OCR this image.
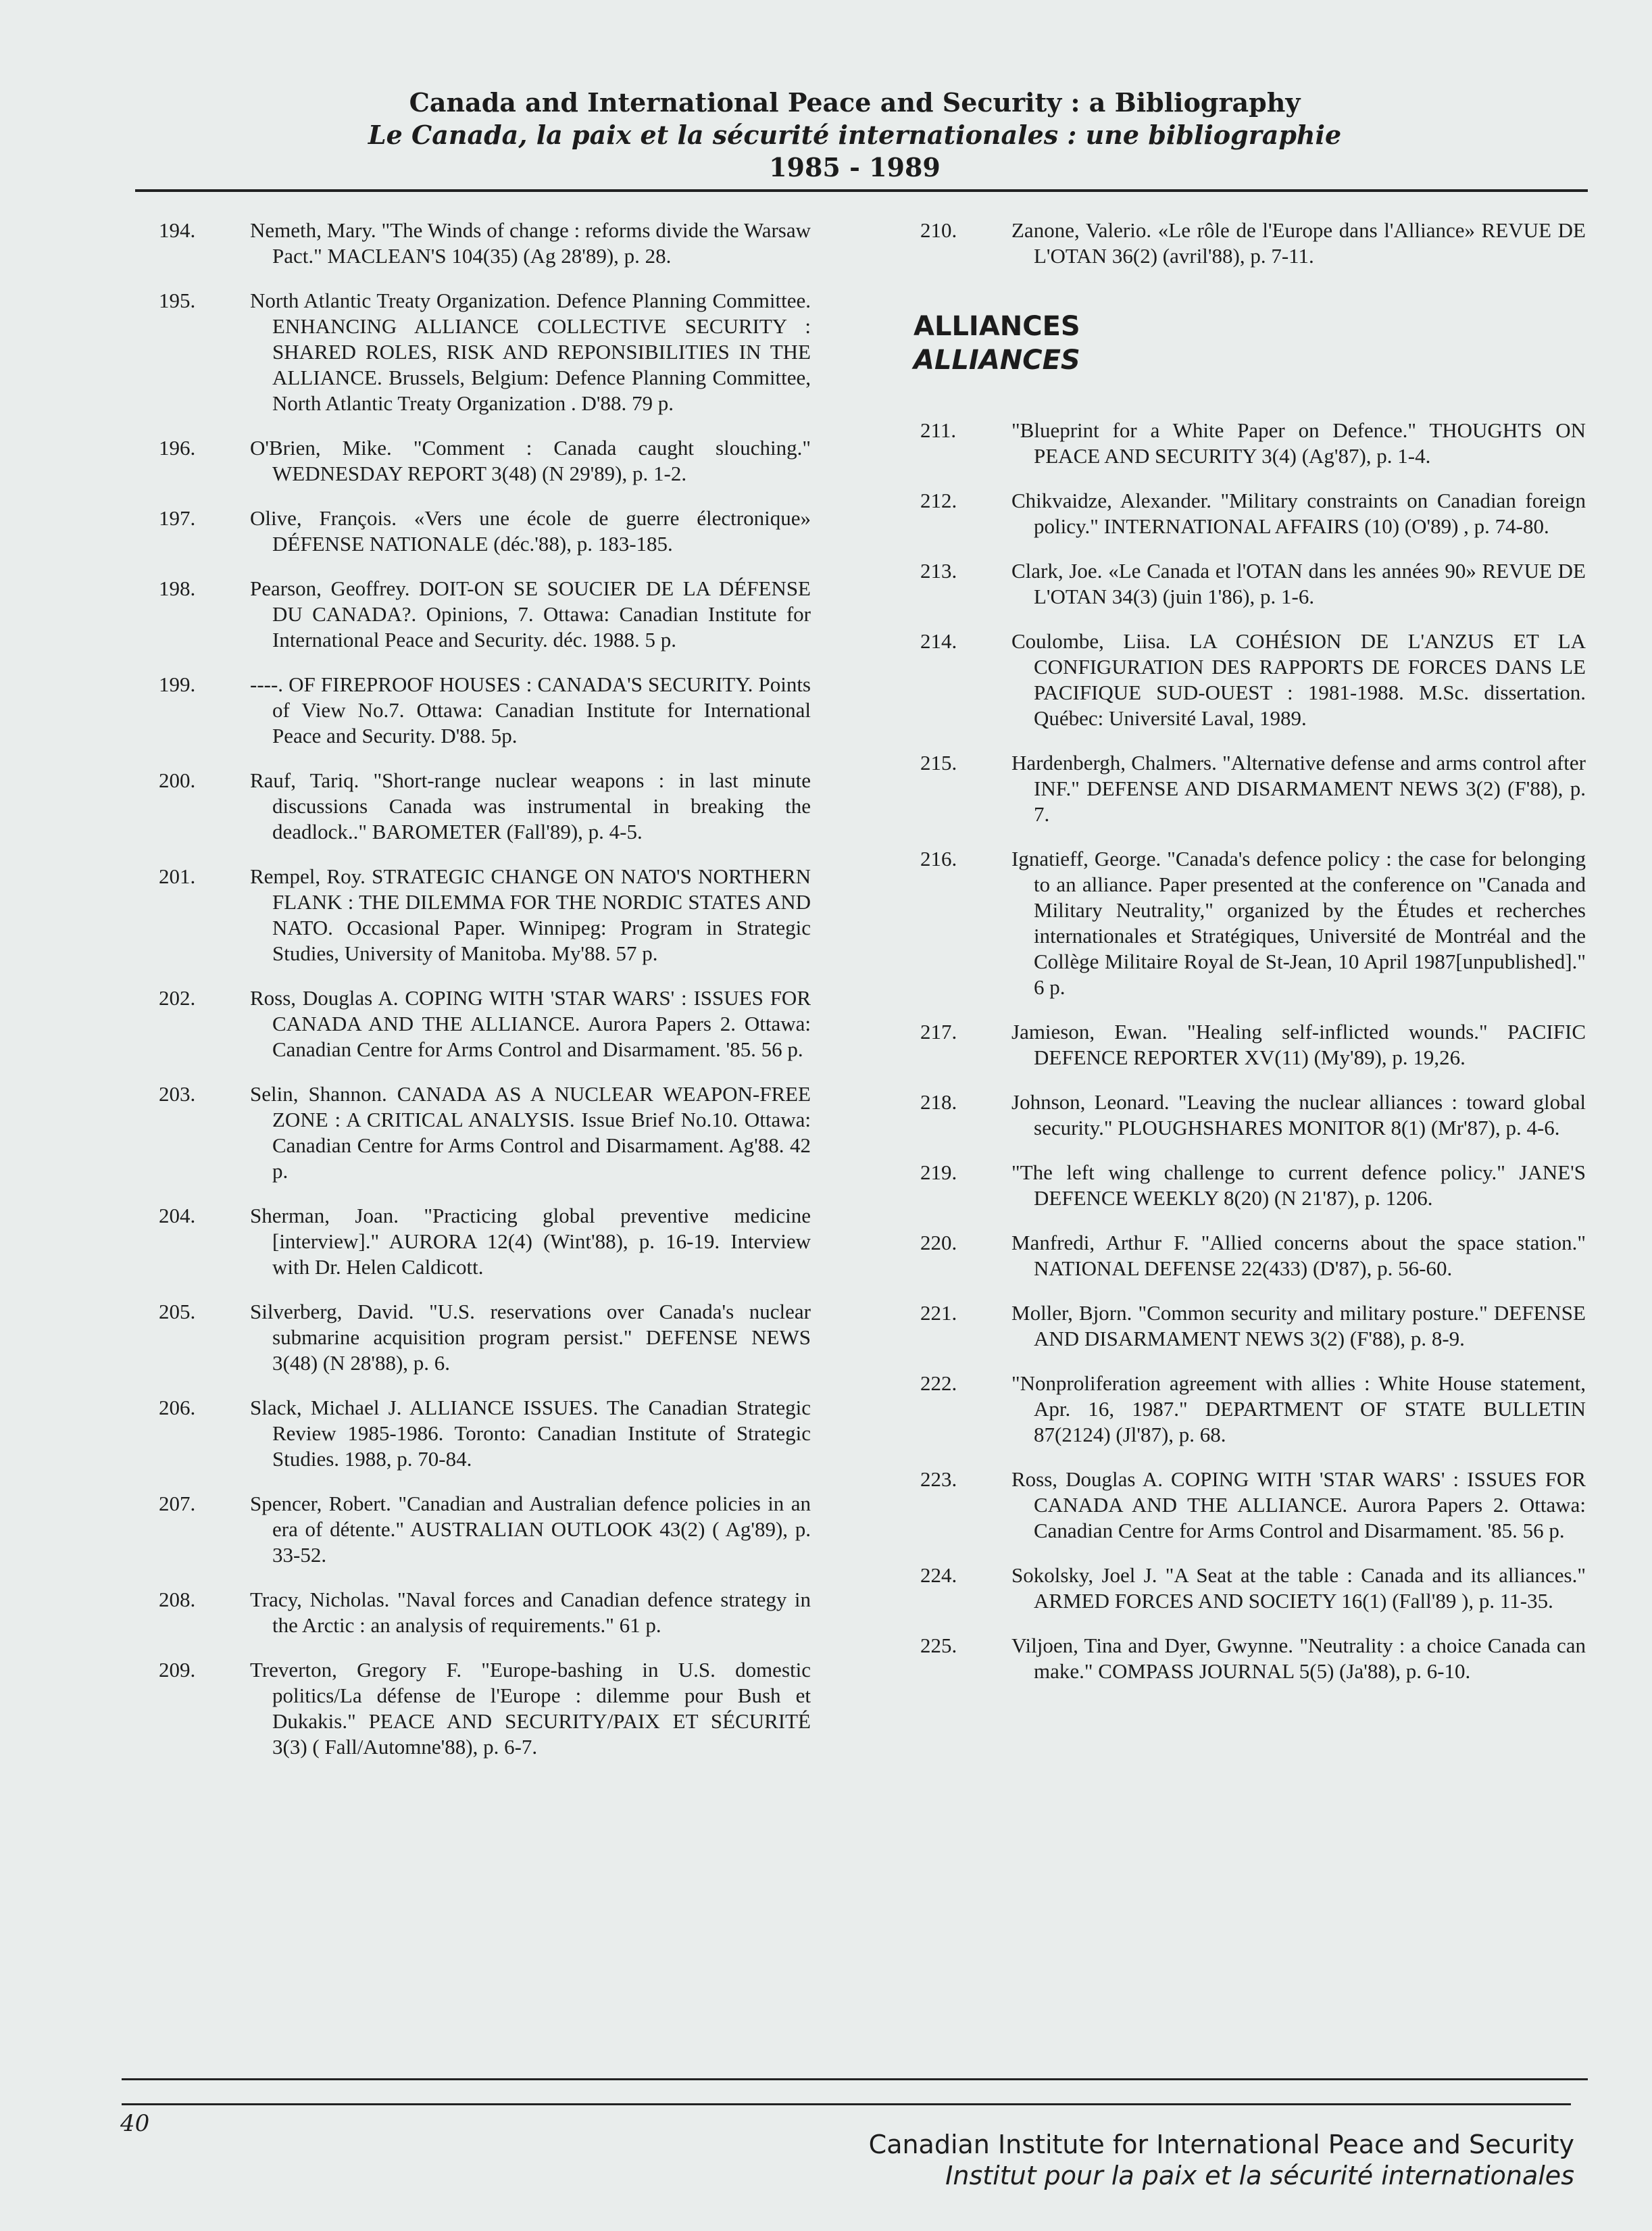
Canada and International Peace and Security : a Bibliography
Le Canada, la paix et la sécurité internationales : une bibliographie
1985 - 1989
194.	Nemeth, Mary. "The Winds of change : reforms divide the Warsaw Pact." MACLEAN'S 104(35) (Ag 28'89), p. 28.
195.	North Atlantic Treaty Organization. Defence Planning Committee. ENHANCING ALLIANCE COLLECTIVE SECURITY : SHARED ROLES, RISK AND REPONSIBILITIES IN THE ALLIANCE. Brussels, Belgium: Defence Planning Committee, North Atlantic Treaty Organization . D'88. 79 p.
196.	O'Brien, Mike. "Comment : Canada caught slouching." WEDNESDAY REPORT 3(48) (N 29'89), p. 1-2.
197.	Olive, François. «Vers une école de guerre électronique» DÉFENSE NATIONALE (déc.'88), p. 183-185.
198.	Pearson, Geoffrey. DOIT-ON SE SOUCIER DE LA DÉFENSE DU CANADA?. Opinions, 7. Ottawa: Canadian Institute for International Peace and Security. déc. 1988. 5 p.
199.	----. OF FIREPROOF HOUSES : CANADA'S SECURITY. Points of View No.7. Ottawa: Canadian Institute for International Peace and Security. D'88. 5p.
200.	Rauf, Tariq. "Short-range nuclear weapons : in last minute discussions Canada was instrumental in breaking the deadlock.." BAROMETER (Fall'89), p. 4-5.
201.	Rempel, Roy. STRATEGIC CHANGE ON NATO'S NORTHERN FLANK : THE DILEMMA FOR THE NORDIC STATES AND NATO. Occasional Paper. Winnipeg: Program in Strategic Studies, University of Manitoba. My'88. 57 p.
202.	Ross, Douglas A. COPING WITH 'STAR WARS' : ISSUES FOR CANADA AND THE ALLIANCE. Aurora Papers 2. Ottawa: Canadian Centre for Arms Control and Disarmament. '85. 56 p.
203.	Selin, Shannon. CANADA AS A NUCLEAR WEAPON-FREE ZONE : A CRITICAL ANALYSIS. Issue Brief No.10. Ottawa: Canadian Centre for Arms Control and Disarmament. Ag'88. 42 p.
204.	Sherman, Joan. "Practicing global preventive medicine [interview]." AURORA 12(4) (Wint'88), p. 16-19. Interview with Dr. Helen Caldicott.
205.	Silverberg, David. "U.S. reservations over Canada's nuclear submarine acquisition program persist." DEFENSE NEWS 3(48) (N 28'88), p. 6.
206.	Slack, Michael J. ALLIANCE ISSUES. The Canadian Strategic Review 1985-1986. Toronto: Canadian Institute of Strategic Studies. 1988, p. 70-84.
207.	Spencer, Robert. "Canadian and Australian defence policies in an era of détente." AUSTRALIAN OUTLOOK 43(2) ( Ag'89), p. 33-52.
208.	Tracy, Nicholas. "Naval forces and Canadian defence strategy in the Arctic : an analysis of requirements." 61 p.
209.	Treverton, Gregory F. "Europe-bashing in U.S. domestic politics/La défense de l'Europe : dilemme pour Bush et Dukakis." PEACE AND SECURITY/PAIX ET SÉCURITÉ 3(3) ( Fall/Automne'88), p. 6-7.
210.	Zanone, Valerio. «Le rôle de l'Europe dans l'Alliance» REVUE DE L'OTAN 36(2) (avril'88), p. 7-11.
ALLIANCES
ALLIANCES
211.	"Blueprint for a White Paper on Defence." THOUGHTS ON PEACE AND SECURITY 3(4) (Ag'87), p. 1-4.
212.	Chikvaidze, Alexander. "Military constraints on Canadian foreign policy." INTERNATIONAL AFFAIRS (10) (O'89) , p. 74-80.
213.	Clark, Joe. «Le Canada et l'OTAN dans les années 90» REVUE DE L'OTAN 34(3) (juin 1'86), p. 1-6.
214.	Coulombe, Liisa. LA COHÉSION DE L'ANZUS ET LA CONFIGURATION DES RAPPORTS DE FORCES DANS LE PACIFIQUE SUD-OUEST : 1981-1988. M.Sc. dissertation. Québec: Université Laval, 1989.
215.	Hardenbergh, Chalmers. "Alternative defense and arms control after INF." DEFENSE AND DISARMAMENT NEWS 3(2) (F'88), p. 7.
216.	Ignatieff, George. "Canada's defence policy : the case for belonging to an alliance. Paper presented at the conference on "Canada and Military Neutrality," organized by the Études et recherches internationales et Stratégiques, Université de Montréal and the Collège Militaire Royal de St-Jean, 10 April 1987[unpublished]." 6 p.
217.	Jamieson, Ewan. "Healing self-inflicted wounds." PACIFIC DEFENCE REPORTER XV(11) (My'89), p. 19,26.
218.	Johnson, Leonard. "Leaving the nuclear alliances : toward global security." PLOUGHSHARES MONITOR 8(1) (Mr'87), p. 4-6.
219.	"The left wing challenge to current defence policy." JANE'S DEFENCE WEEKLY 8(20) (N 21'87), p. 1206.
220.	Manfredi, Arthur F. "Allied concerns about the space station." NATIONAL DEFENSE 22(433) (D'87), p. 56-60.
221.	Moller, Bjorn. "Common security and military posture." DEFENSE AND DISARMAMENT NEWS 3(2) (F'88), p. 8-9.
222.	"Nonproliferation agreement with allies : White House statement, Apr. 16, 1987." DEPARTMENT OF STATE BULLETIN 87(2124) (Jl'87), p. 68.
223.	Ross, Douglas A. COPING WITH 'STAR WARS' : ISSUES FOR CANADA AND THE ALLIANCE. Aurora Papers 2. Ottawa: Canadian Centre for Arms Control and Disarmament. '85. 56 p.
224.	Sokolsky, Joel J. "A Seat at the table : Canada and its alliances." ARMED FORCES AND SOCIETY 16(1) (Fall'89 ), p. 11-35.
225.	Viljoen, Tina and Dyer, Gwynne. "Neutrality : a choice Canada can make." COMPASS JOURNAL 5(5) (Ja'88), p. 6-10.
40
Canadian Institute for International Peace and Security
Institut pour la paix et la sécurité internationales
